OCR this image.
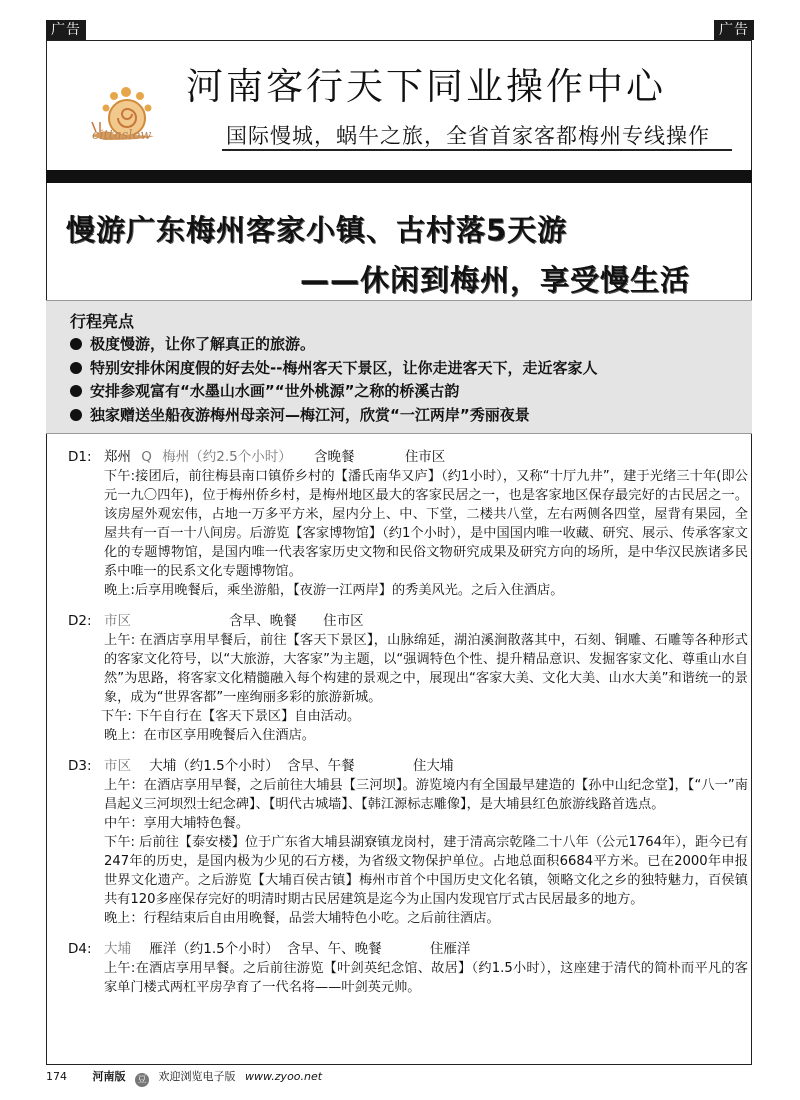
广告	广告
cittaslow
河南客行天下同业操作中心
国际慢城，蜗牛之旅，全省首家客都梅州专线操作
慢游广东梅州客家小镇、古村落5天游
——休闲到梅州，享受慢生活
行程亮点
极度慢游，让你了解真正的旅游。
特别安排休闲度假的好去处--梅州客天下景区，让你走进客天下，走近客家人
安排参观富有“水墨山水画”“世外桃源”之称的桥溪古韵
独家赠送坐船夜游梅州母亲河—梅江河，欣赏“一江两岸”秀丽夜景
D1: 郑州 Q 梅州（约2.5个小时） 含晚餐	住市区

下午:接团后，前往梅县南口镇侨乡村的【潘氏南华又庐】（约1小时），又称“十厅九井”，建于光绪三十年(即公元一九〇四年)，位于梅州侨乡村，是梅州地区最大的客家民居之一，也是客家地区保存最完好的古民居之一。该房屋外观宏伟，占地一万多平方米，屋内分上、中、下堂，二楼共八堂，左右两侧各四堂，屋背有果园，全屋共有一百一十八间房。后游览【客家博物馆】（约1个小时），是中国国内唯一收藏、研究、展示、传承客家文化的专题博物馆，是国内唯一代表客家历史文物和民俗文物研究成果及研究方向的场所，是中华汉民族诸多民系中唯一的民系文化专题博物馆。

晚上:后享用晚餐后，乘坐游船，【夜游一江两岸】的秀美风光。之后入住酒店。

D2: 市区	含早、晚餐 住市区

上午: 在酒店享用早餐后，前往【客天下景区】，山脉绵延，湖泊溪涧散落其中，石刻、铜雕、石雕等各种形式的客家文化符号，以“大旅游，大客家”为主题，以“强调特色个性、提升精品意识、发掘客家文化、尊重山水自然”为思路，将客家文化精髓融入每个构建的景观之中，展现出“客家大美、文化大美、山水大美”和谐统一的景象，成为“世界客都”一座绚丽多彩的旅游新城。

下午: 下午自行在【客天下景区】自由活动。

晚上：在市区享用晚餐后入住酒店。

D3: 市区 大埔（约1.5个小时） 含早、午餐	住大埔

上午：在酒店享用早餐，之后前往大埔县【三河坝】。游览境内有全国最早建造的【孙中山纪念堂】，【“八一”南昌起义三河坝烈士纪念碑】、【明代古城墙】、【韩江源标志雕像】，是大埔县红色旅游线路首选点。

中午：享用大埔特色餐。

下午: 后前往【泰安楼】位于广东省大埔县湖寮镇龙岗村，建于清高宗乾隆二十八年（公元1764年），距今已有247年的历史，是国内极为少见的石方楼，为省级文物保护单位。占地总面积6684平方米。已在2000年申报世界文化遗产。之后游览【大埔百侯古镇】梅州市首个中国历史文化名镇，领略文化之乡的独特魅力，百侯镇共有120多座保存完好的明清时期古民居建筑是迄今为止国内发现官厅式古民居最多的地方。

晚上：行程结束后自由用晚餐，品尝大埔特色小吃。之后前往酒店。

D4: 大埔 雁洋（约1.5个小时） 含早、午、晚餐	住雁洋

上午:在酒店享用早餐。之后前往游览【叶剑英纪念馆、故居】（约1.5小时），这座建于清代的简朴而平凡的客家单门楼式两杠平房孕育了一代名将——叶剑英元帅。

174 河南版 豆 欢迎浏览电子版 www.zyoo.net
